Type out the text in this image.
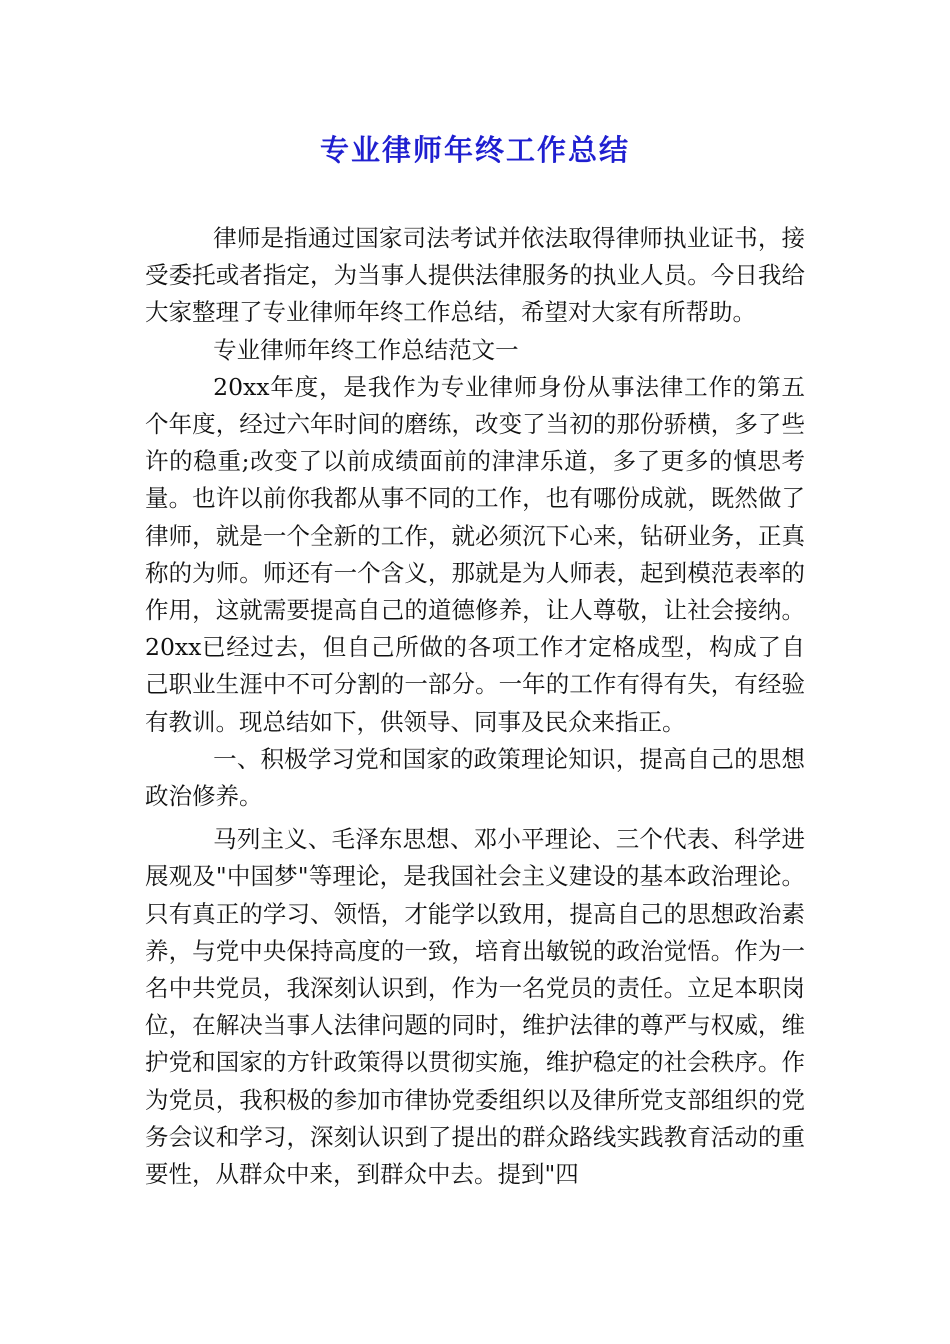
专业律师年终工作总结

律师是指通过国家司法考试并依法取得律师执业证书，接受委托或者指定，为当事人提供法律服务的执业人员。今日我给大家整理了专业律师年终工作总结，希望对大家有所帮助。

专业律师年终工作总结范文一

20xx年度，是我作为专业律师身份从事法律工作的第五个年度，经过六年时间的磨练，改变了当初的那份骄横，多了些许的稳重;改变了以前成绩面前的津津乐道，多了更多的慎思考量。也许以前你我都从事不同的工作，也有哪份成就，既然做了律师，就是一个全新的工作，就必须沉下心来，钻研业务，正真称的为师。师还有一个含义，那就是为人师表，起到模范表率的作用，这就需要提高自己的道德修养，让人尊敬，让社会接纳。20xx已经过去，但自己所做的各项工作才定格成型，构成了自己职业生涯中不可分割的一部分。一年的工作有得有失，有经验有教训。现总结如下，供领导、同事及民众来指正。

一、积极学习党和国家的政策理论知识，提高自己的思想政治修养。

马列主义、毛泽东思想、邓小平理论、三个代表、科学进展观及"中国梦"等理论，是我国社会主义建设的基本政治理论。只有真正的学习、领悟，才能学以致用，提高自己的思想政治素养，与党中央保持高度的一致，培育出敏锐的政治觉悟。作为一名中共党员，我深刻认识到，作为一名党员的责任。立足本职岗位，在解决当事人法律问题的同时，维护法律的尊严与权威，维护党和国家的方针政策得以贯彻实施，维护稳定的社会秩序。作为党员，我积极的参加市律协党委组织以及律所党支部组织的党务会议和学习，深刻认识到了提出的群众路线实践教育活动的重要性，从群众中来，到群众中去。提到"四
